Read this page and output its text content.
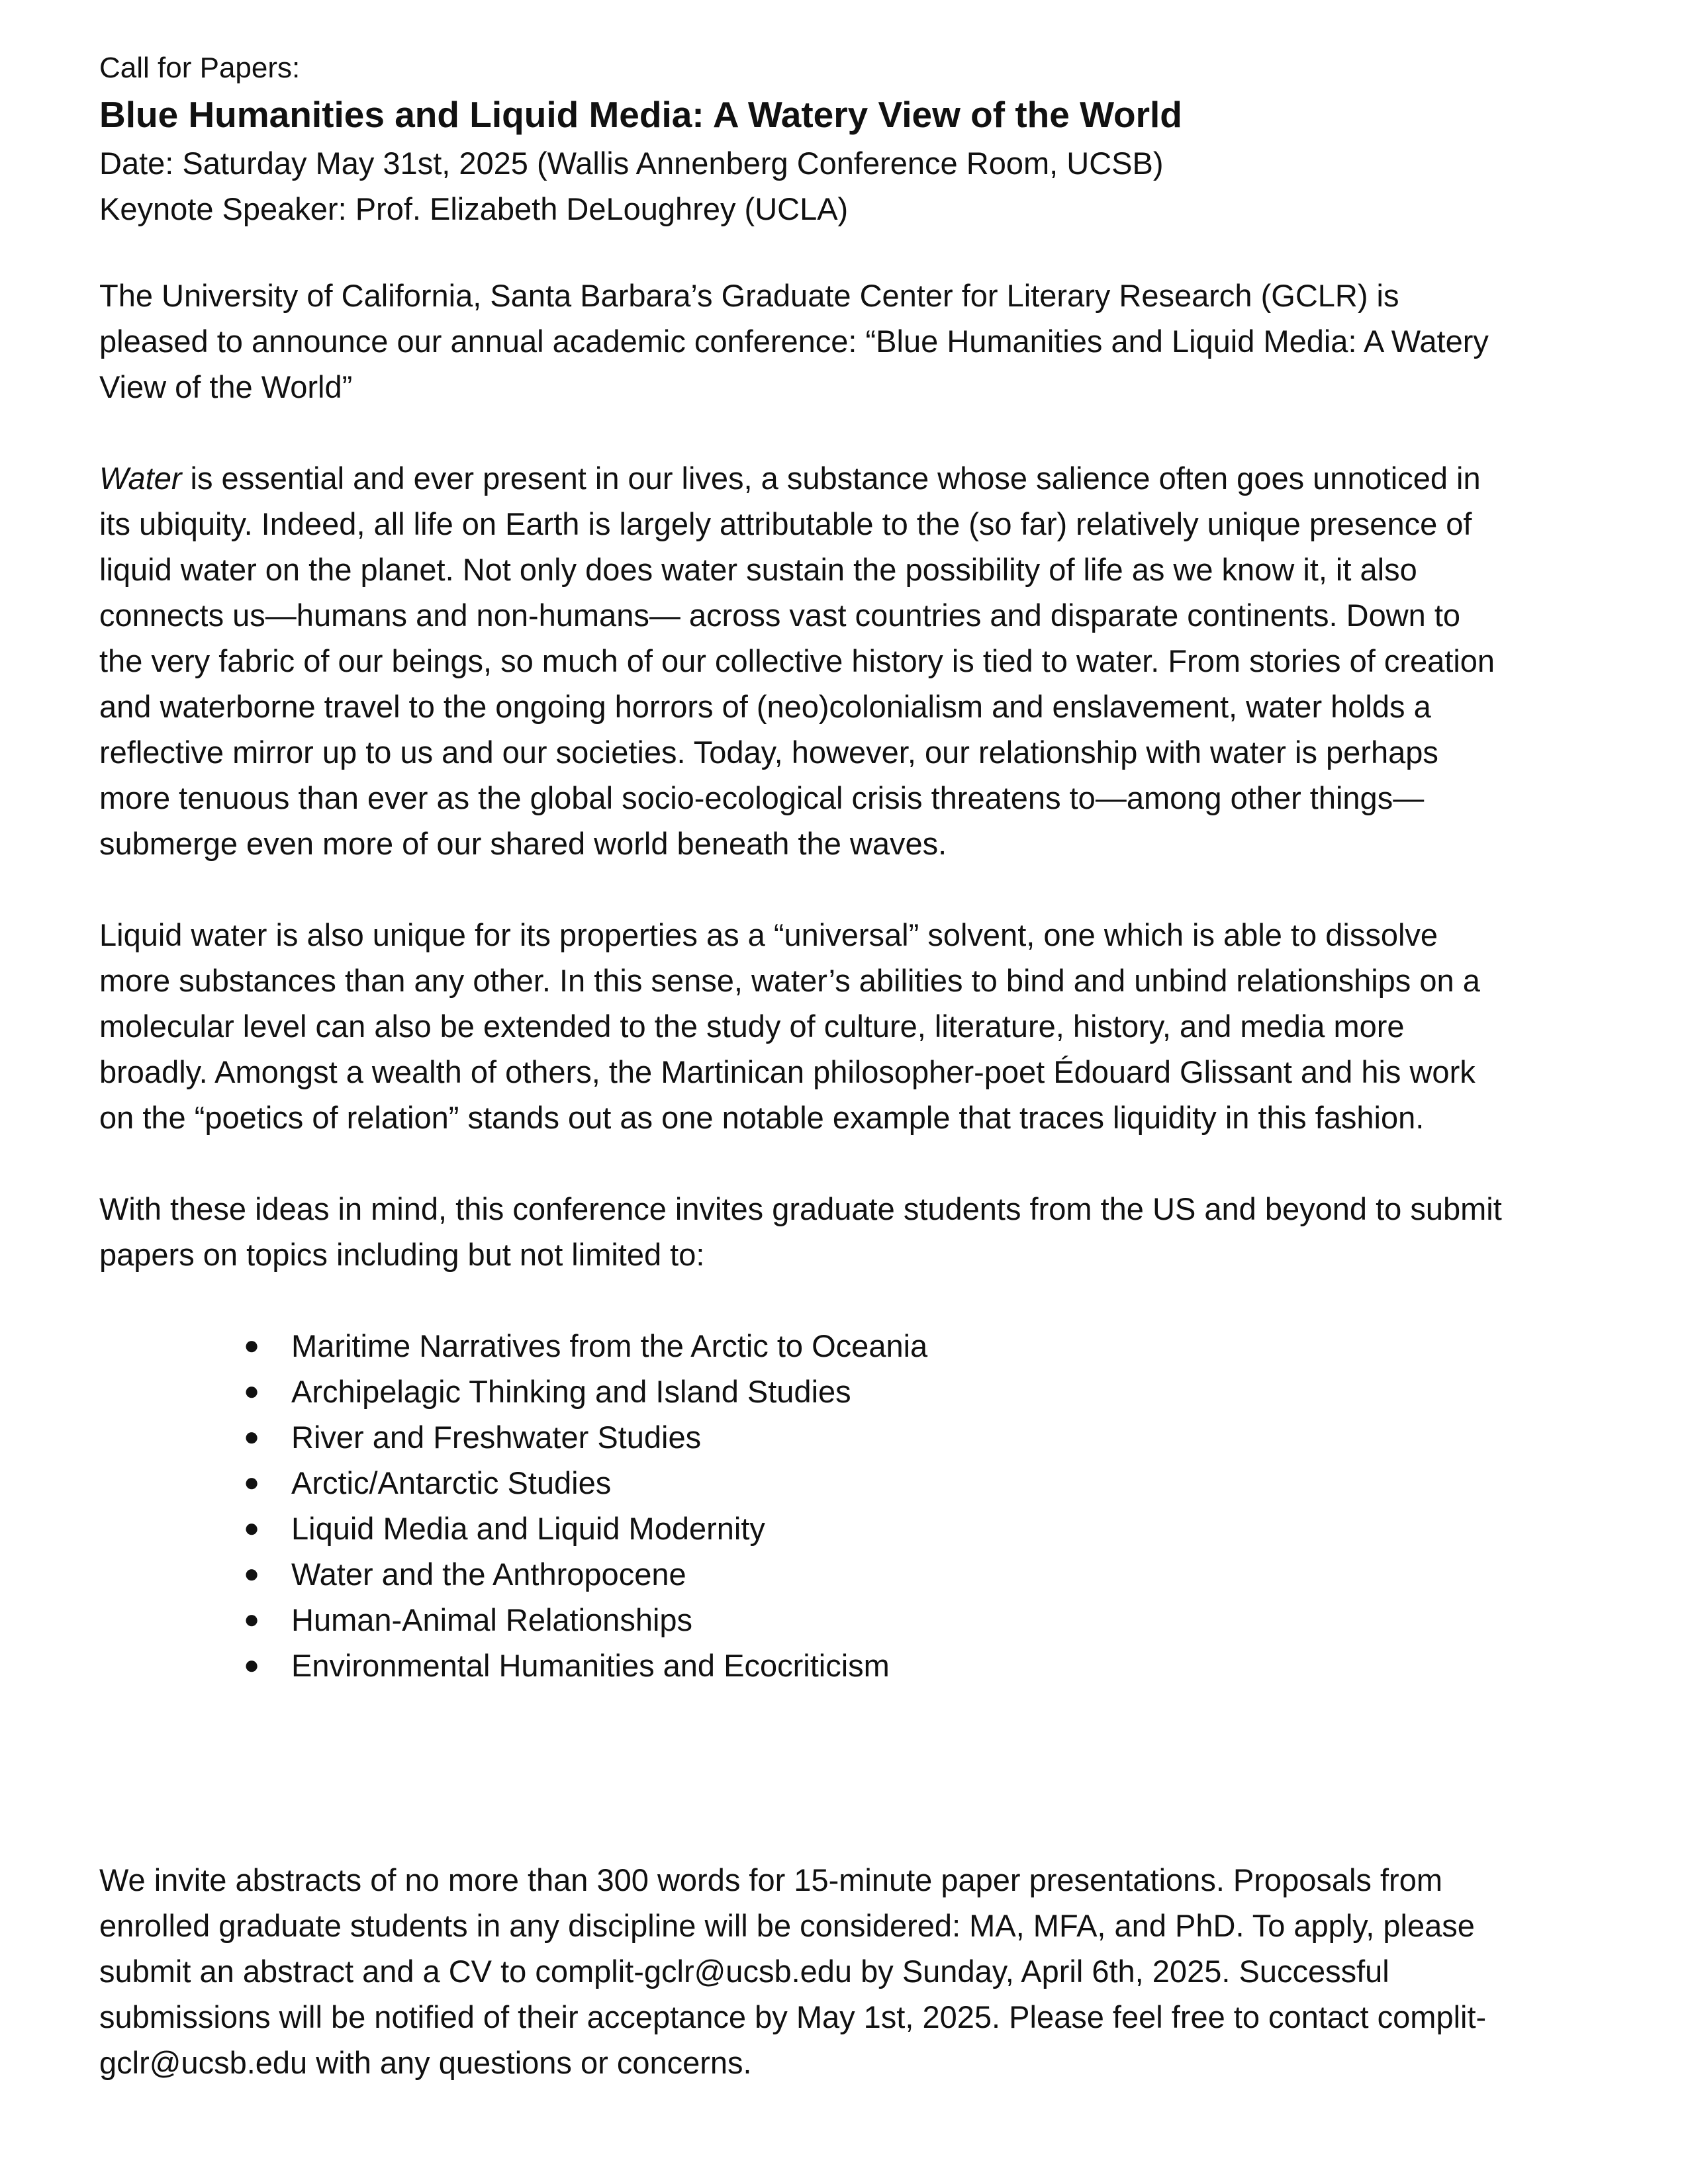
Call for Papers:

Blue Humanities and Liquid Media: A Watery View of the World

Date: Saturday May 31st, 2025 (Wallis Annenberg Conference Room, UCSB)

Keynote Speaker: Prof. Elizabeth DeLoughrey (UCLA)

The University of California, Santa Barbara’s Graduate Center for Literary Research (GCLR) is pleased to announce our annual academic conference: “Blue Humanities and Liquid Media: A Watery View of the World”

Water is essential and ever present in our lives, a substance whose salience often goes unnoticed in its ubiquity. Indeed, all life on Earth is largely attributable to the (so far) relatively unique presence of liquid water on the planet. Not only does water sustain the possibility of life as we know it, it also connects us—humans and non-humans— across vast countries and disparate continents. Down to the very fabric of our beings, so much of our collective history is tied to water. From stories of creation and waterborne travel to the ongoing horrors of (neo)colonialism and enslavement, water holds a reflective mirror up to us and our societies. Today, however, our relationship with water is perhaps more tenuous than ever as the global socio-ecological crisis threatens to—among other things—submerge even more of our shared world beneath the waves.

Liquid water is also unique for its properties as a “universal” solvent, one which is able to dissolve more substances than any other. In this sense, water’s abilities to bind and unbind relationships on a molecular level can also be extended to the study of culture, literature, history, and media more broadly. Amongst a wealth of others, the Martinican philosopher-poet Édouard Glissant and his work on the “poetics of relation” stands out as one notable example that traces liquidity in this fashion.

With these ideas in mind, this conference invites graduate students from the US and beyond to submit papers on topics including but not limited to:

● Maritime Narratives from the Arctic to Oceania
● Archipelagic Thinking and Island Studies
● River and Freshwater Studies
● Arctic/Antarctic Studies
● Liquid Media and Liquid Modernity
● Water and the Anthropocene
● Human-Animal Relationships
● Environmental Humanities and Ecocriticism

We invite abstracts of no more than 300 words for 15-minute paper presentations. Proposals from enrolled graduate students in any discipline will be considered: MA, MFA, and PhD. To apply, please submit an abstract and a CV to complit-gclr@ucsb.edu by Sunday, April 6th, 2025. Successful submissions will be notified of their acceptance by May 1st, 2025. Please feel free to contact complit-gclr@ucsb.edu with any questions or concerns.
